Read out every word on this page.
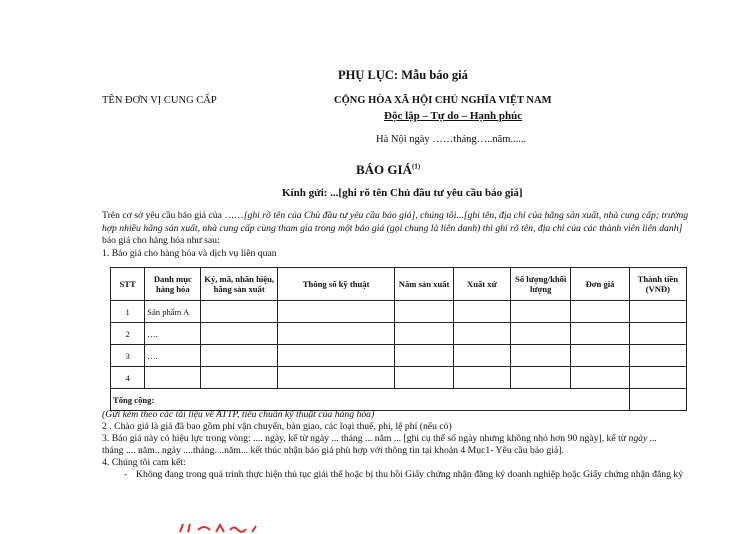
PHỤ LỤC: Mẫu báo giá
TÊN ĐƠN VỊ CUNG CẤP	CỘNG HÒA XÃ HỘI CHỦ NGHĨA VIỆT NAM
Độc lập – Tự do – Hạnh phúc
Hà Nội ngày ……tháng…..năm......
BÁO GIÁ$^{(1)}$
Kính gửi: ...[ghi rõ tên Chủ đầu tư yêu cầu báo giá]
Trên cơ sở yêu cầu báo giá của ……[ghi rõ tên của Chủ đầu tư yêu cầu báo giá], chúng tôi...[ghi tên, địa chỉ của hãng sản xuất, nhà cung cấp; trường hợp nhiều hãng sản xuất, nhà cung cấp cùng tham gia trong một báo giá (gọi chung là liên danh) thì ghi rõ tên, địa chỉ của các thành viên liên danh] báo giá cho hàng hóa như sau:
1. Báo giá cho hàng hóa và dịch vụ liên quan
STT	Danh mục hàng hóa	Ký, mã, nhãn hiệu, hãng sản xuất	Thông số kỹ thuật	Năm sản xuất	Xuất xứ	Số lượng/khối lượng	Đơn giá	Thành tiền (VNĐ)
1	Sản phẩm A							
2	….							
3	….							
4								
Tổng cộng:								
(Gửi kèm theo các tài liệu về ATTP, tiêu chuẩn kỹ thuật của hàng hóa)
2 . Chào giá là giá đã bao gồm phí vận chuyển, bàn giao, các loại thuế, phí, lệ phí (nếu có)
3. Báo giá này có hiệu lực trong vòng: .... ngày, kể từ ngày ... tháng ... năm ... [ghi cụ thể số ngày nhưng không nhỏ hơn 90 ngày], kể từ ngày ...
tháng .... năm.. ngày ....tháng. ..năm... kết thúc nhận báo giá phù hợp với thông tin tại khoản 4 Mục1- Yêu cầu báo giá].
4. Chúng tôi cam kết:
- Không đang trong quá trình thực hiện thủ tục giải thể hoặc bị thu hồi Giấy chứng nhận đăng ký doanh nghiệp hoặc Giấy chứng nhận đăng ký
